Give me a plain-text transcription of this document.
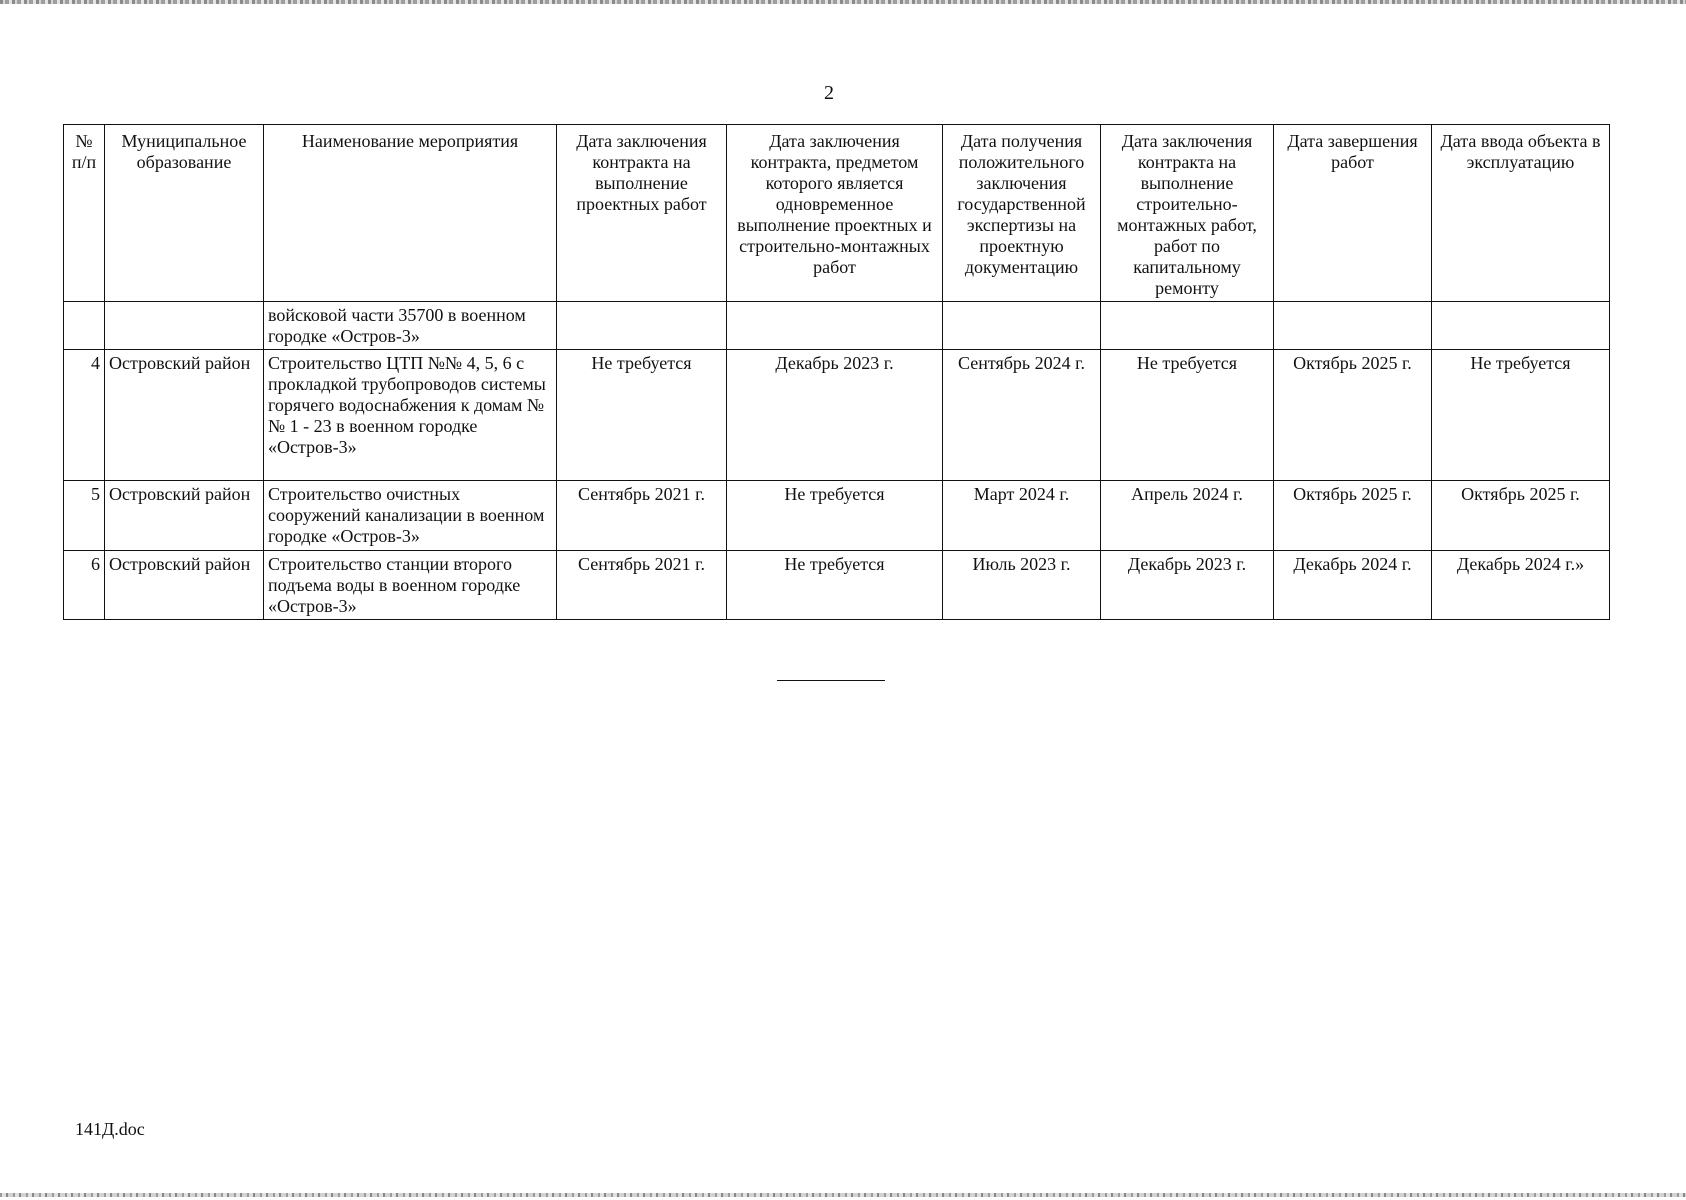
2
№ п/п	Муниципальное образование	Наименование мероприятия	Дата заключения контракта на выполнение проектных работ	Дата заключения контракта, предметом которого является одновременное выполнение проектных и строительно-монтажных работ	Дата получения положительного заключения государственной экспертизы на проектную документацию	Дата заключения контракта на выполнение строительно-монтажных работ, работ по капитальному ремонту	Дата завершения работ	Дата ввода объекта в эксплуатацию
		войсковой части 35700 в военном городке «Остров-3»						
4	Островский район	Строительство ЦТП №№ 4, 5, 6 с прокладкой трубопроводов системы горячего водоснабжения к домам №№ 1 - 23 в военном городке «Остров-3»	Не требуется	Декабрь 2023 г.	Сентябрь 2024 г.	Не требуется	Октябрь 2025 г.	Не требуется
5	Островский район	Строительство очистных сооружений канализации в военном городке «Остров-3»	Сентябрь 2021 г.	Не требуется	Март 2024 г.	Апрель 2024 г.	Октябрь 2025 г.	Октябрь 2025 г.
6	Островский район	Строительство станции второго подъема воды в военном городке «Остров-3»	Сентябрь 2021 г.	Не требуется	Июль 2023 г.	Декабрь 2023 г.	Декабрь 2024 г.	Декабрь 2024 г.»
141Д.doc
